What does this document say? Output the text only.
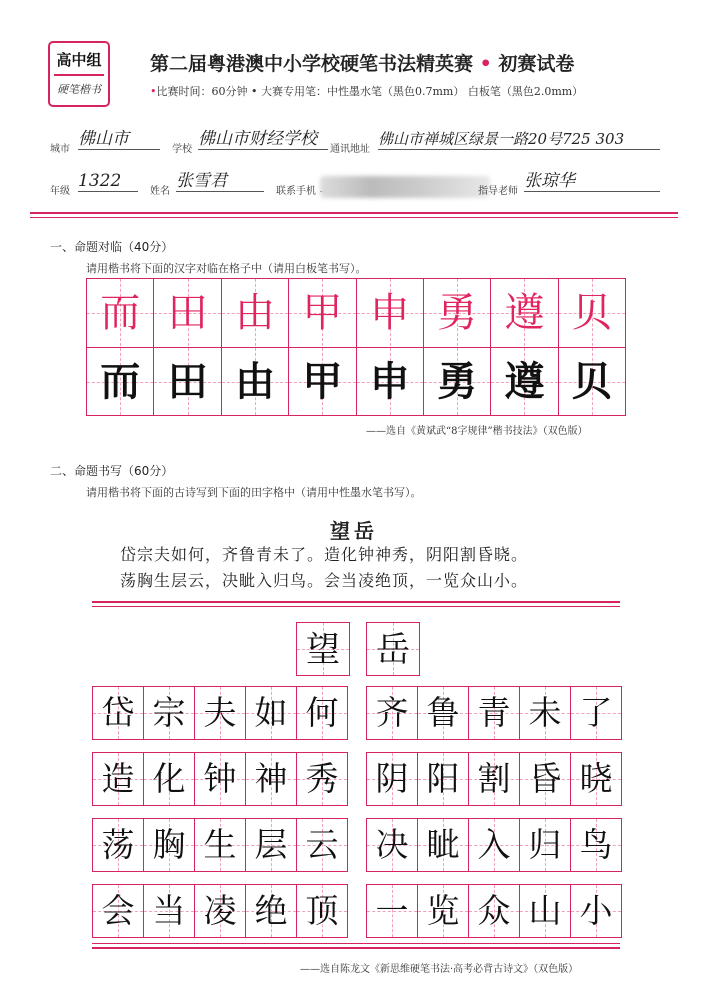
高中组
硬笔楷书
第二届粤港澳中小学校硬笔书法精英赛 • 初赛试卷
•比赛时间：60分钟 • 大赛专用笔：中性墨水笔（黑色0.7mm） 白板笔（黑色2.0mm）
城市
佛山市
学校
佛山市财经学校
通讯地址
佛山市禅城区绿景一路20号725 303
年级
1322
姓名
张雪君
联系手机	指导老师
张琼华
一、命题对临（40分）
请用楷书将下面的汉字对临在格子中（请用白板笔书写）。
而
而
田
田
由
由
甲
甲
申
申
勇
勇
遵
遵
贝
贝
——选自《黄斌武“8字规律”楷书技法》（双色版）
二、命题书写（60分）
请用楷书将下面的古诗写到下面的田字格中（请用中性墨水笔书写）。
望岳
岱宗夫如何，齐鲁青未了。造化钟神秀，阴阳割昏晓。
荡胸生层云，决眦入归鸟。会当凌绝顶，一览众山小。
望 岳
岱 宗 夫 如 何 齐 鲁 青 未 了
造 化 钟 神 秀 阴 阳 割 昏 晓
荡 胸 生 层 云 决 眦 入 归 鸟
会 当 凌 绝 顶 一 览 众 山 小
——选自陈龙文《新思维硬笔书法·高考必背古诗文》（双色版）
